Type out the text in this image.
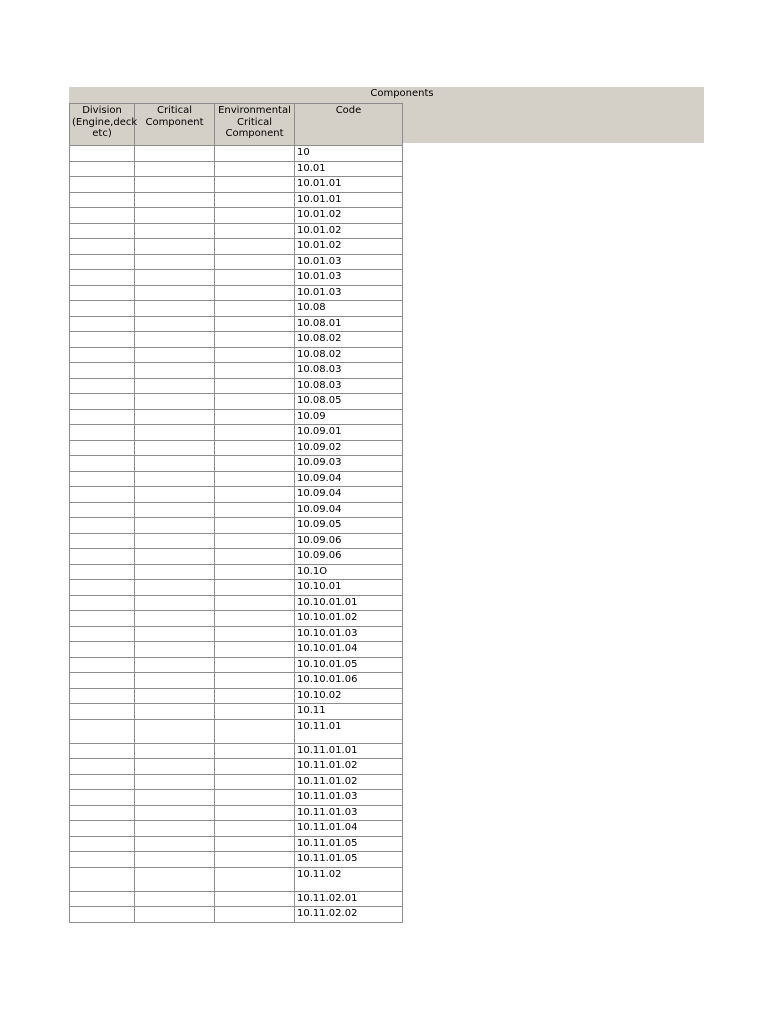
Components
Division (Engine,deck etc)	Critical Component	Environmental Critical Component	Code
			10
			10.01
			10.01.01
			10.01.01
			10.01.02
			10.01.02
			10.01.02
			10.01.03
			10.01.03
			10.01.03
			10.08
			10.08.01
			10.08.02
			10.08.02
			10.08.03
			10.08.03
			10.08.05
			10.09
			10.09.01
			10.09.02
			10.09.03
			10.09.04
			10.09.04
			10.09.04
			10.09.05
			10.09.06
			10.09.06
			10.1O
			10.10.01
			10.10.01.01
			10.10.01.02
			10.10.01.03
			10.10.01.04
			10.10.01.05
			10.10.01.06
			10.10.02
			10.11
			10.11.01
			10.11.01.01
			10.11.01.02
			10.11.01.02
			10.11.01.03
			10.11.01.03
			10.11.01.04
			10.11.01.05
			10.11.01.05
			10.11.02
			10.11.02.01
			10.11.02.02
